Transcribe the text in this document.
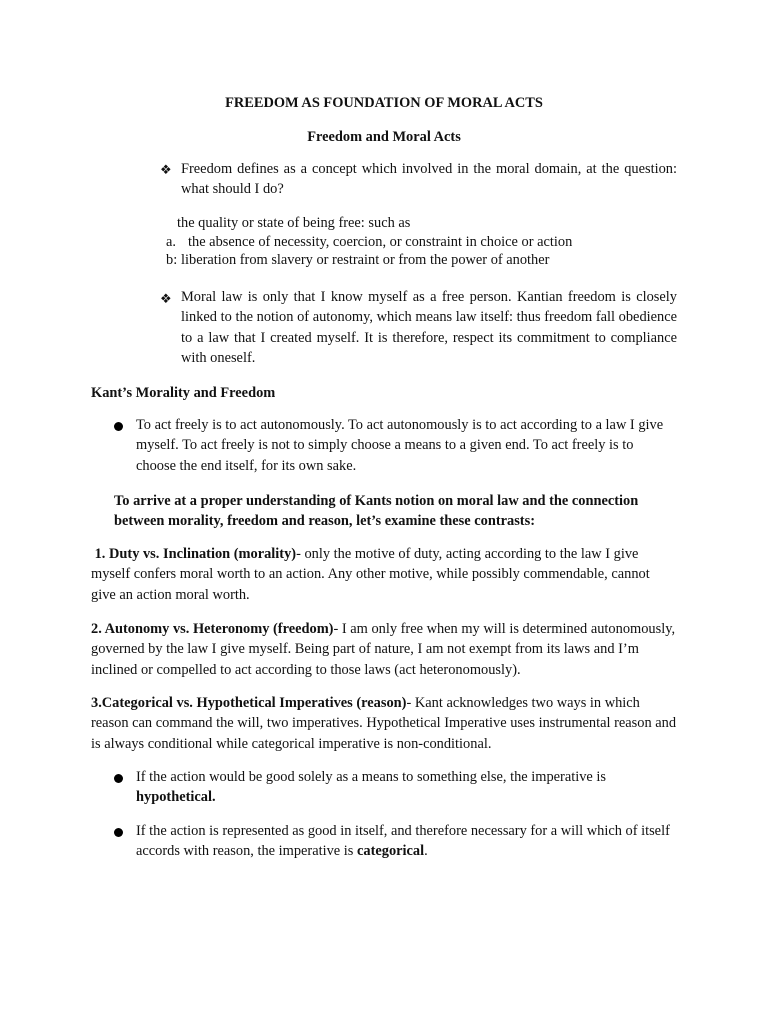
FREEDOM AS FOUNDATION OF MORAL ACTS
Freedom and Moral Acts
❖ Freedom defines as a concept which involved in the moral domain, at the question: what should I do?

the quality or state of being free: such as
a. the absence of necessity, coercion, or constraint in choice or action
b: liberation from slavery or restraint or from the power of another
❖ Moral law is only that I know myself as a free person. Kantian freedom is closely linked to the notion of autonomy, which means law itself: thus freedom fall obedience to a law that I created myself. It is therefore, respect its commitment to compliance with oneself.

Kant’s Morality and Freedom

To act freely is to act autonomously. To act autonomously is to act according to a law I give myself. To act freely is not to simply choose a means to a given end. To act freely is to choose the end itself, for its own sake.

To arrive at a proper understanding of Kants notion on moral law and the connection between morality, freedom and reason, let’s examine these contrasts:

1. Duty vs. Inclination (morality)- only the motive of duty, acting according to the law I give myself confers moral worth to an action. Any other motive, while possibly commendable, cannot give an action moral worth.

2. Autonomy vs. Heteronomy (freedom)- I am only free when my will is determined autonomously, governed by the law I give myself. Being part of nature, I am not exempt from its laws and I’m inclined or compelled to act according to those laws (act heteronomously).

3.Categorical vs. Hypothetical Imperatives (reason)- Kant acknowledges two ways in which reason can command the will, two imperatives. Hypothetical Imperative uses instrumental reason and is always conditional while categorical imperative is non-conditional.

If the action would be good solely as a means to something else, the imperative is hypothetical.

If the action is represented as good in itself, and therefore necessary for a will which of itself accords with reason, the imperative is categorical.
